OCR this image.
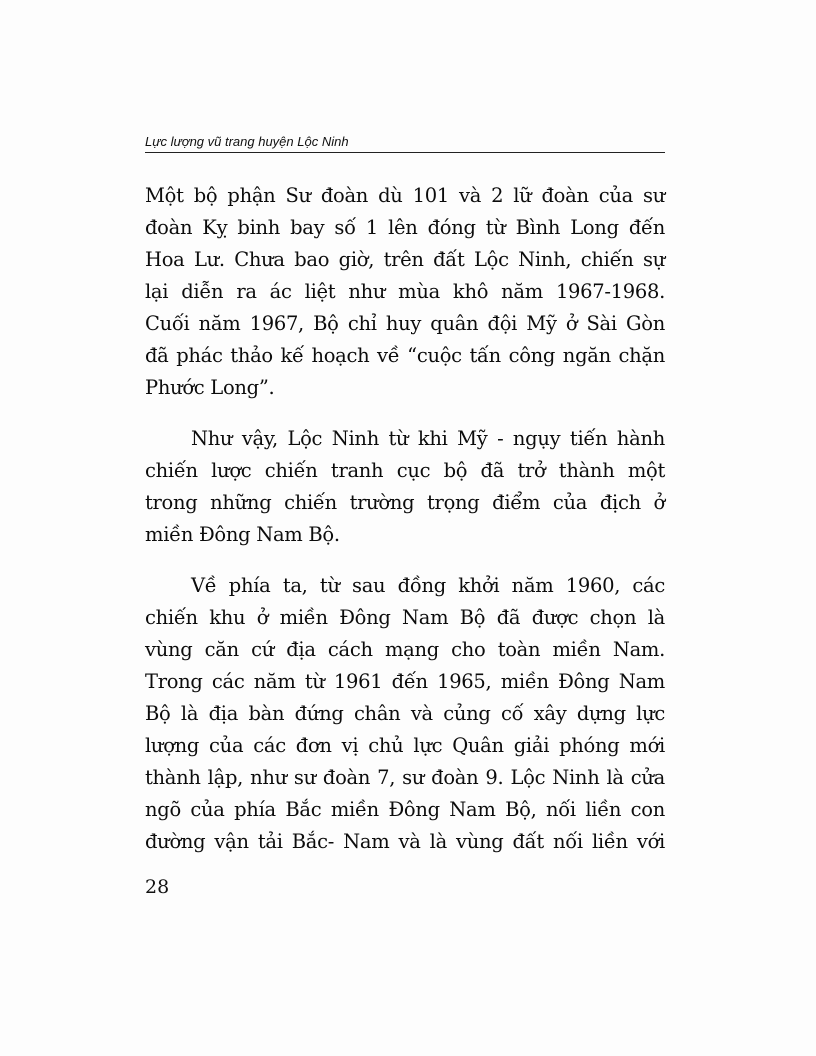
Lực lượng vũ trang huyện Lộc Ninh
Một bộ phận Sư đoàn dù 101 và 2 lữ đoàn của sư
đoàn Kỵ binh bay số 1 lên đóng từ Bình Long đến
Hoa Lư. Chưa bao giờ, trên đất Lộc Ninh, chiến sự
lại diễn ra ác liệt như mùa khô năm 1967-1968.
Cuối năm 1967, Bộ chỉ huy quân đội Mỹ ở Sài Gòn
đã phác thảo kế hoạch về “cuộc tấn công ngăn chặn
Phước Long”.
Như vậy, Lộc Ninh từ khi Mỹ - ngụy tiến hành
chiến lược chiến tranh cục bộ đã trở thành một
trong những chiến trường trọng điểm của địch ở
miền Đông Nam Bộ.
Về phía ta, từ sau đồng khởi năm 1960, các
chiến khu ở miền Đông Nam Bộ đã được chọn là
vùng căn cứ địa cách mạng cho toàn miền Nam.
Trong các năm từ 1961 đến 1965, miền Đông Nam
Bộ là địa bàn đứng chân và củng cố xây dựng lực
lượng của các đơn vị chủ lực Quân giải phóng mới
thành lập, như sư đoàn 7, sư đoàn 9. Lộc Ninh là cửa
ngõ của phía Bắc miền Đông Nam Bộ, nối liền con
đường vận tải Bắc- Nam và là vùng đất nối liền với
28
